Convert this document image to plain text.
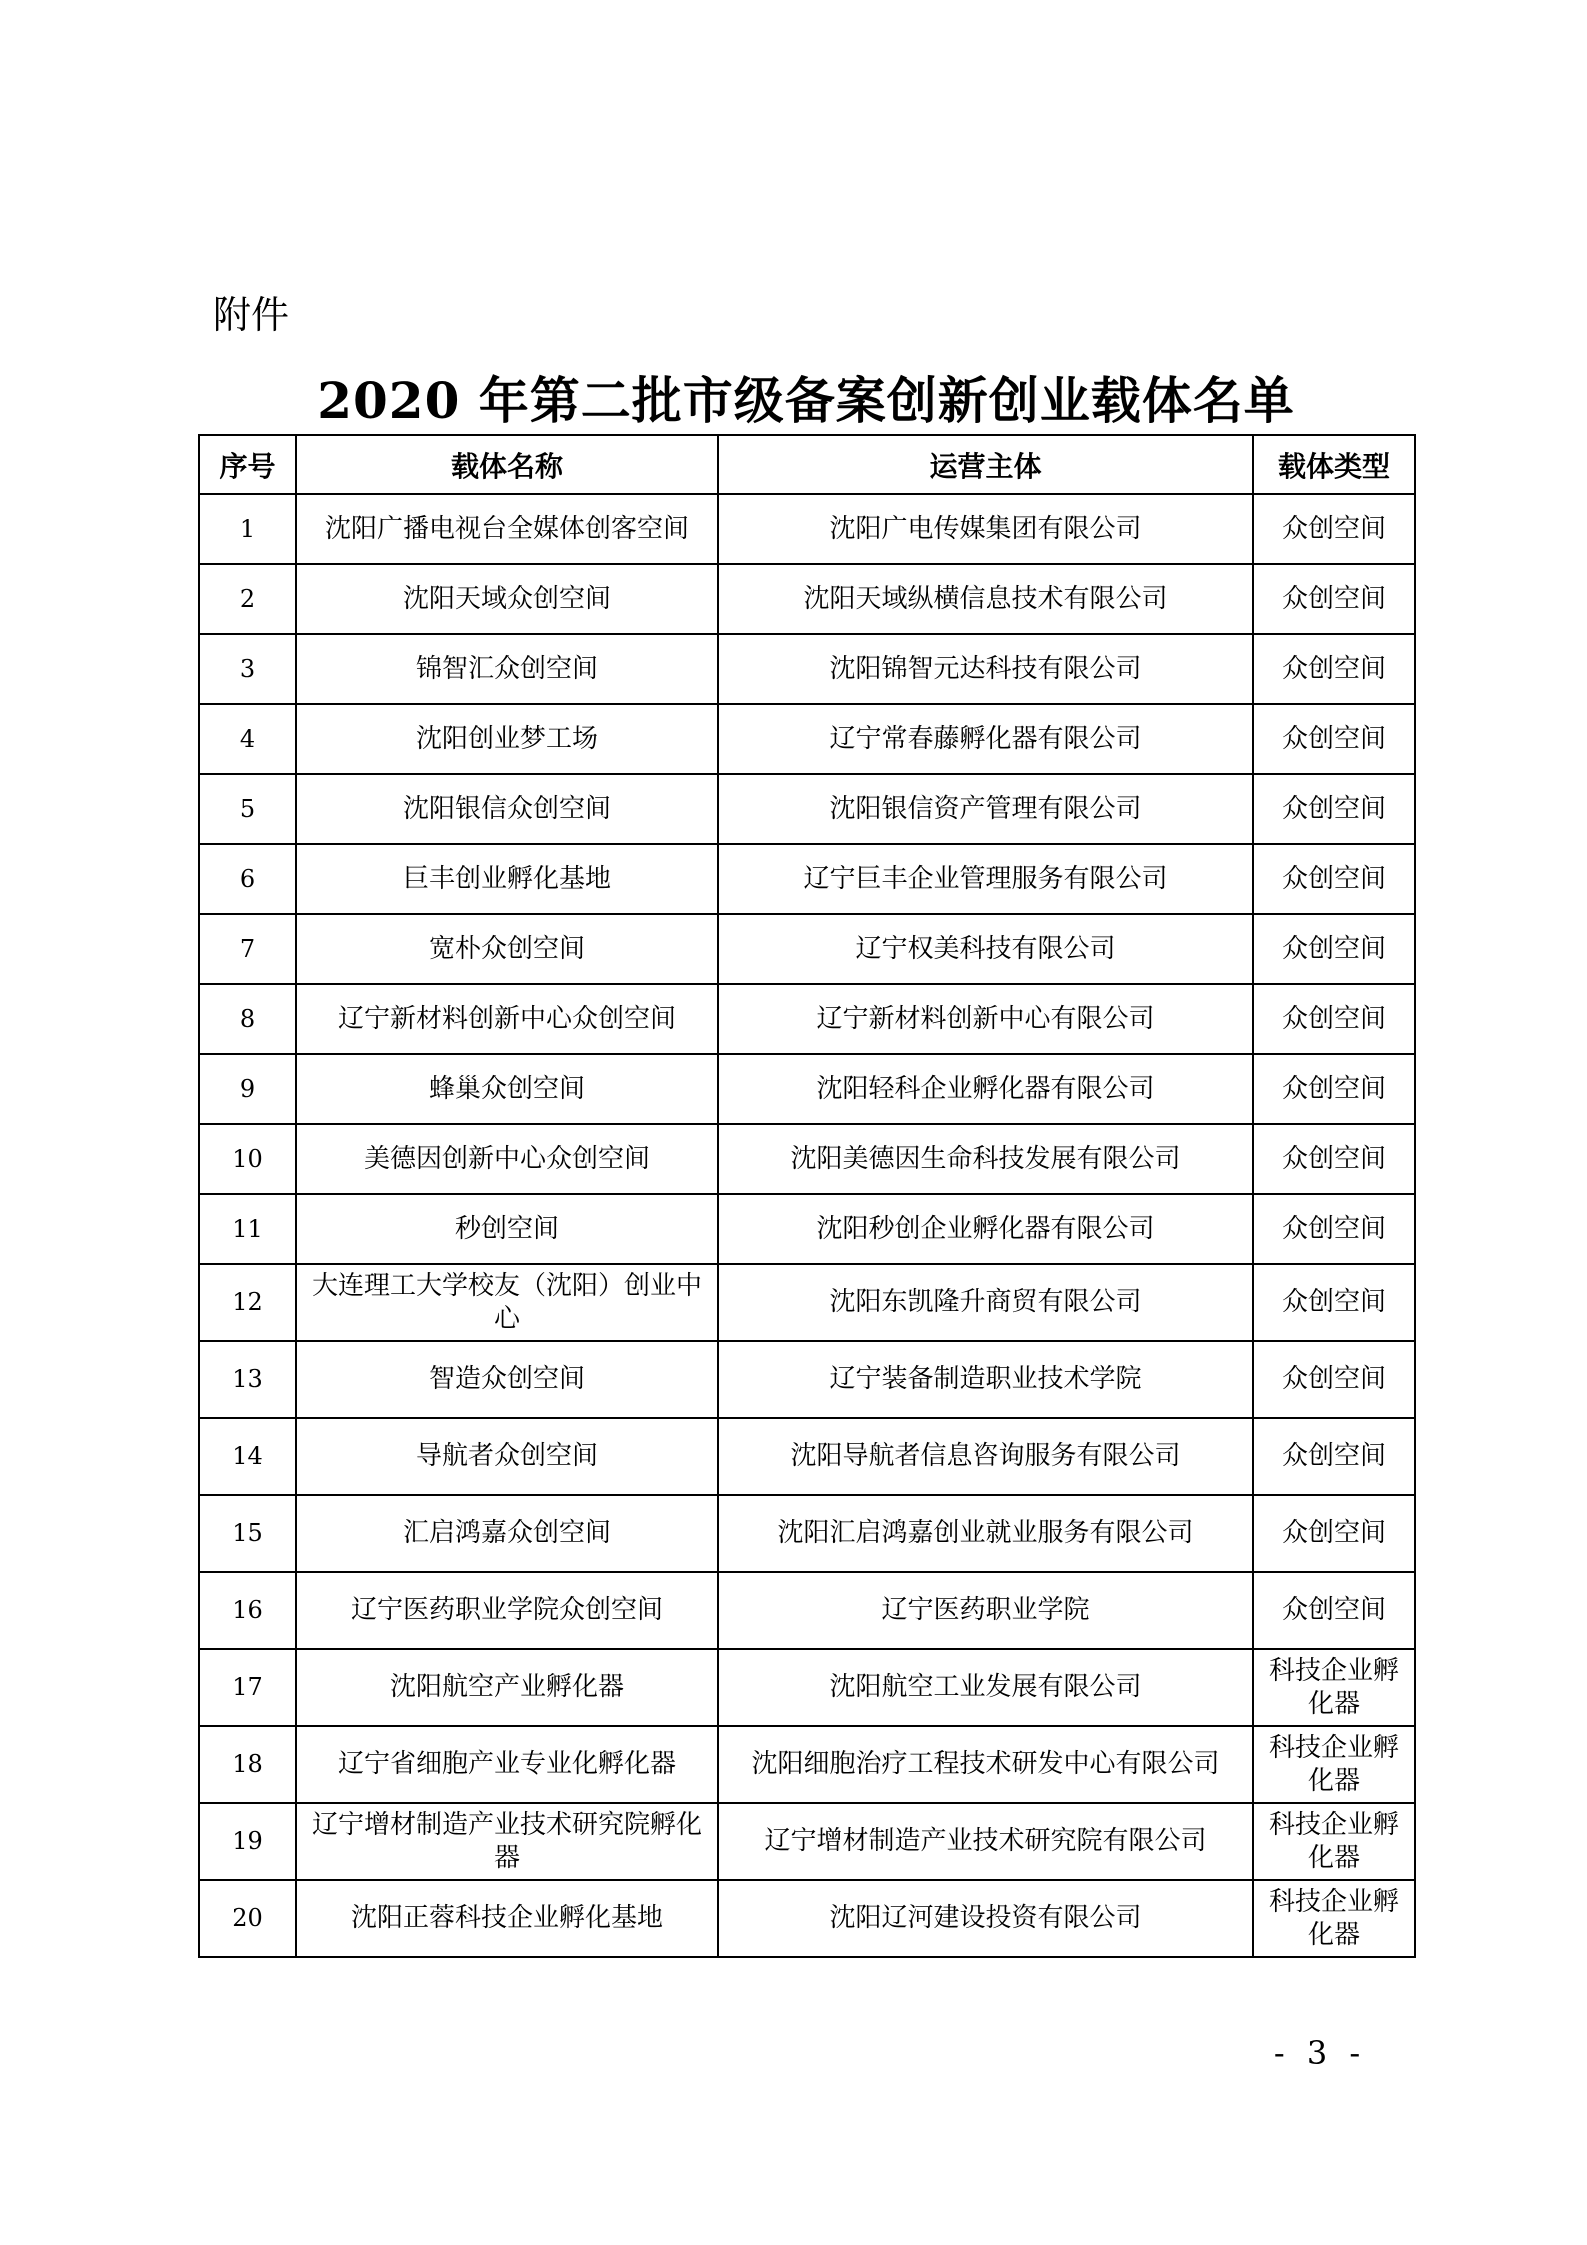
附件
2020 年第二批市级备案创新创业载体名单
序号	载体名称	运营主体	载体类型
1	沈阳广播电视台全媒体创客空间	沈阳广电传媒集团有限公司	众创空间
2	沈阳天域众创空间	沈阳天域纵横信息技术有限公司	众创空间
3	锦智汇众创空间	沈阳锦智元达科技有限公司	众创空间
4	沈阳创业梦工场	辽宁常春藤孵化器有限公司	众创空间
5	沈阳银信众创空间	沈阳银信资产管理有限公司	众创空间
6	巨丰创业孵化基地	辽宁巨丰企业管理服务有限公司	众创空间
7	宽朴众创空间	辽宁权美科技有限公司	众创空间
8	辽宁新材料创新中心众创空间	辽宁新材料创新中心有限公司	众创空间
9	蜂巢众创空间	沈阳轻科企业孵化器有限公司	众创空间
10	美德因创新中心众创空间	沈阳美德因生命科技发展有限公司	众创空间
11	秒创空间	沈阳秒创企业孵化器有限公司	众创空间
12	大连理工大学校友（沈阳）创业中心	沈阳东凯隆升商贸有限公司	众创空间
13	智造众创空间	辽宁装备制造职业技术学院	众创空间
14	导航者众创空间	沈阳导航者信息咨询服务有限公司	众创空间
15	汇启鸿嘉众创空间	沈阳汇启鸿嘉创业就业服务有限公司	众创空间
16	辽宁医药职业学院众创空间	辽宁医药职业学院	众创空间
17	沈阳航空产业孵化器	沈阳航空工业发展有限公司	科技企业孵化器
18	辽宁省细胞产业专业化孵化器	沈阳细胞治疗工程技术研发中心有限公司	科技企业孵化器
19	辽宁增材制造产业技术研究院孵化器	辽宁增材制造产业技术研究院有限公司	科技企业孵化器
20	沈阳正蓉科技企业孵化基地	沈阳辽河建设投资有限公司	科技企业孵化器
- 3 -
